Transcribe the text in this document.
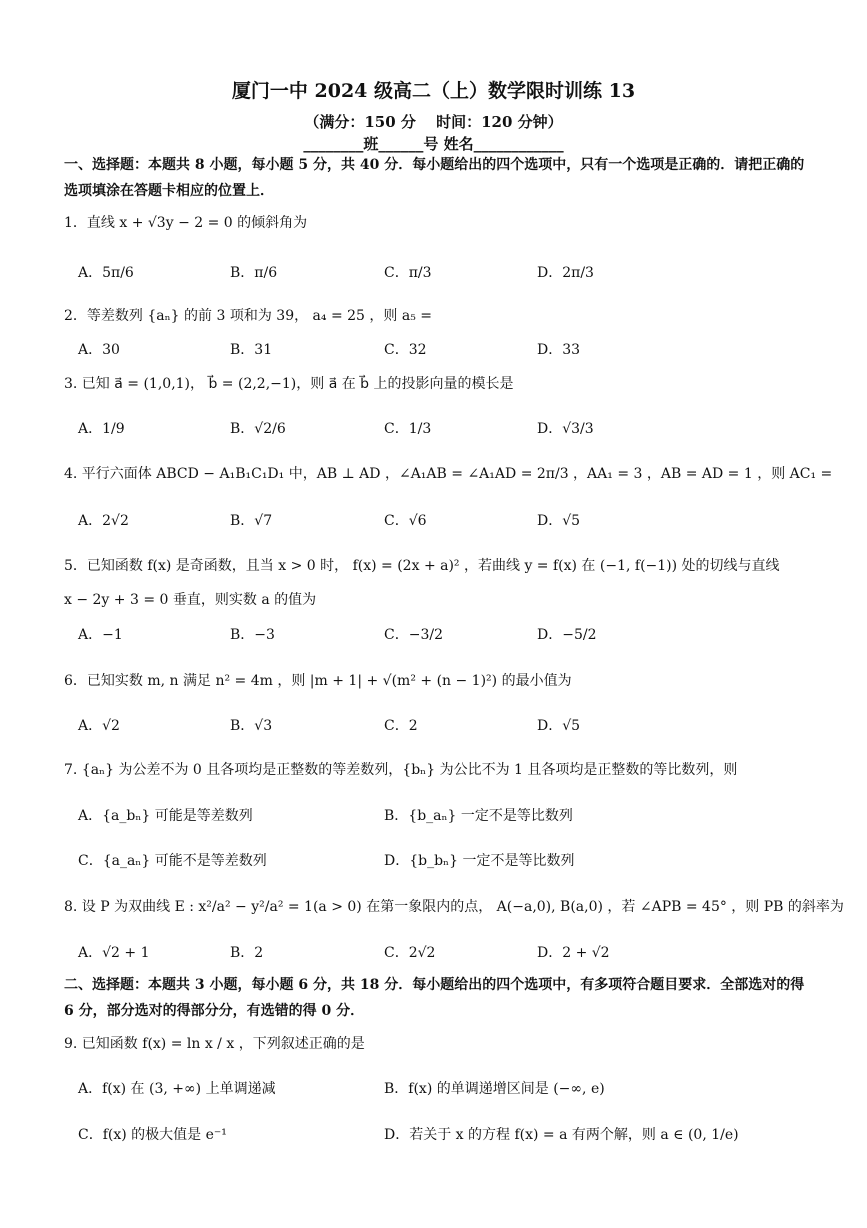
厦门一中 2024 级高二（上）数学限时训练 13
（满分：150 分　 时间：120 分钟）
________班______号 姓名____________
一、选择题：本题共 8 小题，每小题 5 分，共 40 分．每小题给出的四个选项中，只有一个选项是正确的．请把正确的选项填涂在答题卡相应的位置上．
1．直线 x + √3y − 2 = 0 的倾斜角为
A．5π/6	B．π/6	C．π/3	D．2π/3
2．等差数列 {aₙ} 的前 3 项和为 39， a₄ = 25 ，则 a₅ =
A．30	B．31	C．32	D．33
3. 已知 a⃗ = (1,0,1)， b⃗ = (2,2,−1)，则 a⃗ 在 b⃗ 上的投影向量的模长是
A．1/9	B．√2/6	C．1/3	D．√3/3
4. 平行六面体 ABCD − A₁B₁C₁D₁ 中，AB ⊥ AD ，∠A₁AB = ∠A₁AD = 2π/3 ，AA₁ = 3 ，AB = AD = 1 ，则 AC₁ =
A．2√2	B．√7	C．√6	D．√5
5．已知函数 f(x) 是奇函数，且当 x > 0 时， f(x) = (2x + a)² ，若曲线 y = f(x) 在 (−1, f(−1)) 处的切线与直线
x − 2y + 3 = 0 垂直，则实数 a 的值为
A．−1	B．−3	C．−3/2	D．−5/2
6．已知实数 m, n 满足 n² = 4m ，则 |m + 1| + √(m² + (n − 1)²) 的最小值为
A．√2	B．√3	C．2	D．√5
7. {aₙ} 为公差不为 0 且各项均是正整数的等差数列，{bₙ} 为公比不为 1 且各项均是正整数的等比数列，则
A．{a_bₙ} 可能是等差数列	B．{b_aₙ} 一定不是等比数列
C．{a_aₙ} 可能不是等差数列	D．{b_bₙ} 一定不是等比数列
8. 设 P 为双曲线 E : x²/a² − y²/a² = 1(a > 0) 在第一象限内的点， A(−a,0), B(a,0) ，若 ∠APB = 45° ，则 PB 的斜率为
A．√2 + 1	B．2	C．2√2	D．2 + √2
二、选择题：本题共 3 小题，每小题 6 分，共 18 分．每小题给出的四个选项中，有多项符合题目要求．全部选对的得 6 分，部分选对的得部分分，有选错的得 0 分．
9. 已知函数 f(x) = ln x / x ，下列叙述正确的是
A．f(x) 在 (3, +∞) 上单调递减	B．f(x) 的单调递增区间是 (−∞, e)
C．f(x) 的极大值是 e⁻¹	D．若关于 x 的方程 f(x) = a 有两个解，则 a ∈ (0, 1/e)
